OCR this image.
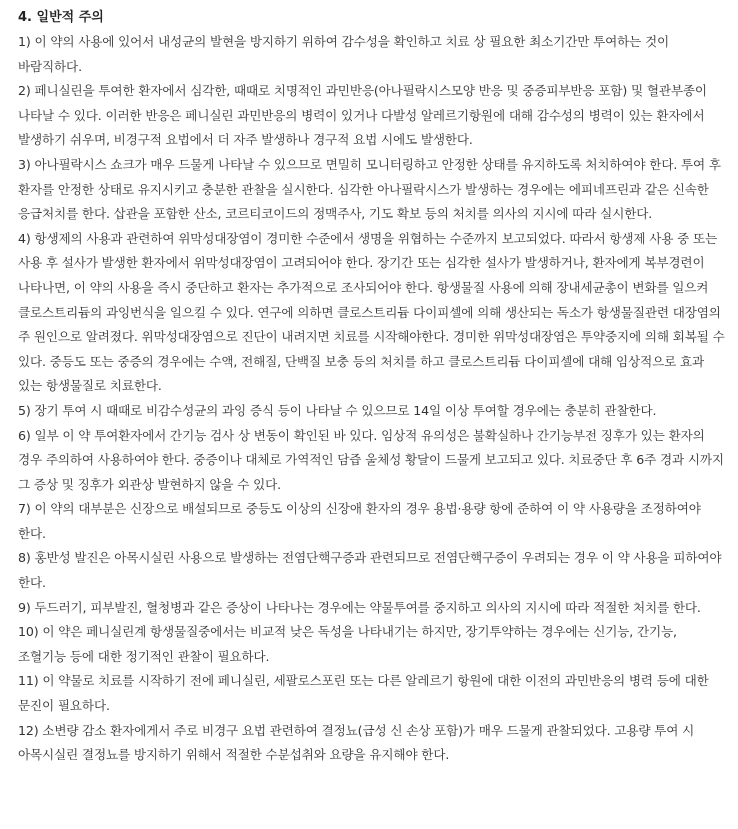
4. 일반적 주의
1) 이 약의 사용에 있어서 내성균의 발현을 방지하기 위하여 감수성을 확인하고 치료 상 필요한 최소기간만 투여하는 것이 바람직하다.
2) 페니실린을 투여한 환자에서 심각한, 때때로 치명적인 과민반응(아나필락시스모양 반응 및 중증피부반응 포함) 및 혈관부종이 나타날 수 있다. 이러한 반응은 페니실린 과민반응의 병력이 있거나 다발성 알레르기항원에 대해 감수성의 병력이 있는 환자에서 발생하기 쉬우며, 비경구적 요법에서 더 자주 발생하나 경구적 요법 시에도 발생한다.
3) 아나필락시스 쇼크가 매우 드물게 나타날 수 있으므로 면밀히 모니터링하고 안정한 상태를 유지하도록 처치하여야 한다. 투여 후 환자를 안정한 상태로 유지시키고 충분한 관찰을 실시한다. 심각한 아나필락시스가 발생하는 경우에는 에피네프린과 같은 신속한 응급처치를 한다. 삽관을 포함한 산소, 코르티코이드의 정맥주사, 기도 확보 등의 처치를 의사의 지시에 따라 실시한다.
4) 항생제의 사용과 관련하여 위막성대장염이 경미한 수준에서 생명을 위협하는 수준까지 보고되었다. 따라서 항생제 사용 중 또는 사용 후 설사가 발생한 환자에서 위막성대장염이 고려되어야 한다. 장기간 또는 심각한 설사가 발생하거나, 환자에게 복부경련이 나타나면, 이 약의 사용을 즉시 중단하고 환자는 추가적으로 조사되어야 한다. 항생물질 사용에 의해 장내세균총이 변화를 일으켜 클로스트리듐의 과잉번식을 일으킬 수 있다. 연구에 의하면 클로스트리듐 다이피셀에 의해 생산되는 독소가 항생물질관련 대장염의 주 원인으로 알려졌다. 위막성대장염으로 진단이 내려지면 치료를 시작해야한다. 경미한 위막성대장염은 투약중지에 의해 회복될 수 있다. 중등도 또는 중증의 경우에는 수액, 전해질, 단백질 보충 등의 처치를 하고 클로스트리듐 다이피셀에 대해 임상적으로 효과 있는 항생물질로 치료한다.
5) 장기 투여 시 때때로 비감수성균의 과잉 증식 등이 나타날 수 있으므로 14일 이상 투여할 경우에는 충분히 관찰한다.
6) 일부 이 약 투여환자에서 간기능 검사 상 변동이 확인된 바 있다. 임상적 유의성은 불확실하나 간기능부전 징후가 있는 환자의 경우 주의하여 사용하여야 한다. 중증이나 대체로 가역적인 담즙 울체성 황달이 드물게 보고되고 있다. 치료중단 후 6주 경과 시까지 그 증상 및 징후가 외관상 발현하지 않을 수 있다.
7) 이 약의 대부분은 신장으로 배설되므로 중등도 이상의 신장애 환자의 경우 용법·용량 항에 준하여 이 약 사용량을 조정하여야 한다.
8) 홍반성 발진은 아목시실린 사용으로 발생하는 전염단핵구증과 관련되므로 전염단핵구증이 우려되는 경우 이 약 사용을 피하여야 한다.
9) 두드러기, 피부발진, 혈청병과 같은 증상이 나타나는 경우에는 약물투여를 중지하고 의사의 지시에 따라 적절한 처치를 한다.
10) 이 약은 페니실린계 항생물질중에서는 비교적 낮은 독성을 나타내기는 하지만, 장기투약하는 경우에는 신기능, 간기능, 조혈기능 등에 대한 정기적인 관찰이 필요하다.
11) 이 약물로 치료를 시작하기 전에 페니실린, 세팔로스포린 또는 다른 알레르기 항원에 대한 이전의 과민반응의 병력 등에 대한 문진이 필요하다.
12) 소변량 감소 환자에게서 주로 비경구 요법 관련하여 결정뇨(급성 신 손상 포함)가 매우 드물게 관찰되었다. 고용량 투여 시 아목시실린 결정뇨를 방지하기 위해서 적절한 수분섭취와 요량을 유지해야 한다.
